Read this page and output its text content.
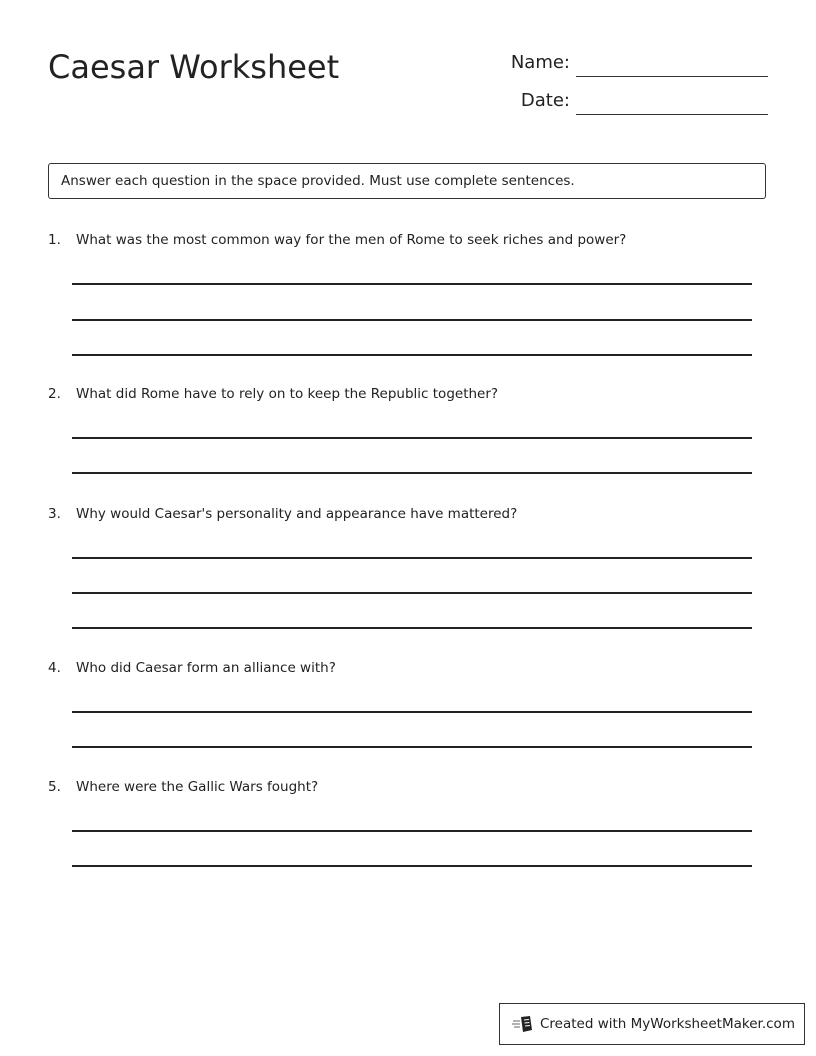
Caesar Worksheet	Name:
Date:
Answer each question in the space provided. Must use complete sentences.
1. What was the most common way for the men of Rome to seek riches and power?
2. What did Rome have to rely on to keep the Republic together?
3. Why would Caesar's personality and appearance have mattered?
4. Who did Caesar form an alliance with?
5. Where were the Gallic Wars fought?
Created with MyWorksheetMaker.com
